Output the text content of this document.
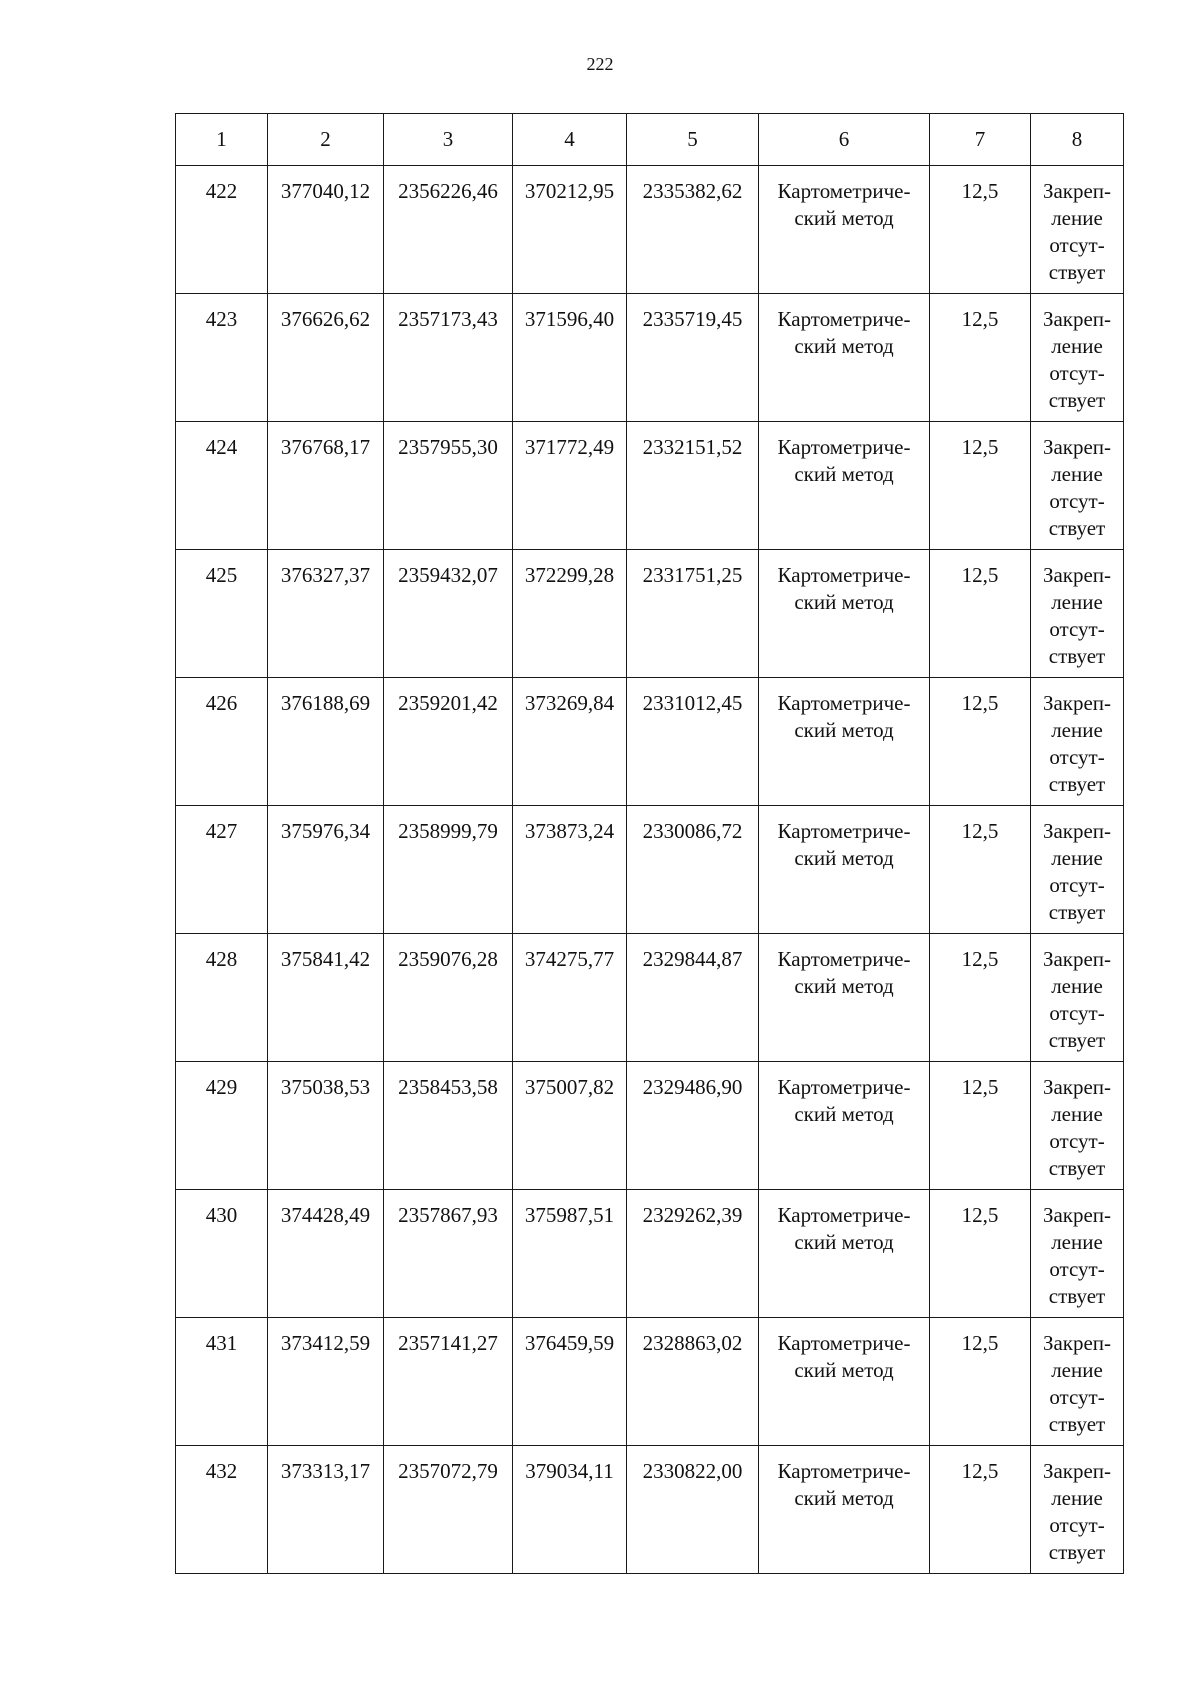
222
1	2	3	4	5	6	7	8
422	377040,12	2356226,46	370212,95	2335382,62	Картометриче-
ский метод	12,5	Закреп-
ление
отсут-
ствует
423	376626,62	2357173,43	371596,40	2335719,45	Картометриче-
ский метод	12,5	Закреп-
ление
отсут-
ствует
424	376768,17	2357955,30	371772,49	2332151,52	Картометриче-
ский метод	12,5	Закреп-
ление
отсут-
ствует
425	376327,37	2359432,07	372299,28	2331751,25	Картометриче-
ский метод	12,5	Закреп-
ление
отсут-
ствует
426	376188,69	2359201,42	373269,84	2331012,45	Картометриче-
ский метод	12,5	Закреп-
ление
отсут-
ствует
427	375976,34	2358999,79	373873,24	2330086,72	Картометриче-
ский метод	12,5	Закреп-
ление
отсут-
ствует
428	375841,42	2359076,28	374275,77	2329844,87	Картометриче-
ский метод	12,5	Закреп-
ление
отсут-
ствует
429	375038,53	2358453,58	375007,82	2329486,90	Картометриче-
ский метод	12,5	Закреп-
ление
отсут-
ствует
430	374428,49	2357867,93	375987,51	2329262,39	Картометриче-
ский метод	12,5	Закреп-
ление
отсут-
ствует
431	373412,59	2357141,27	376459,59	2328863,02	Картометриче-
ский метод	12,5	Закреп-
ление
отсут-
ствует
432	373313,17	2357072,79	379034,11	2330822,00	Картометриче-
ский метод	12,5	Закреп-
ление
отсут-
ствует
